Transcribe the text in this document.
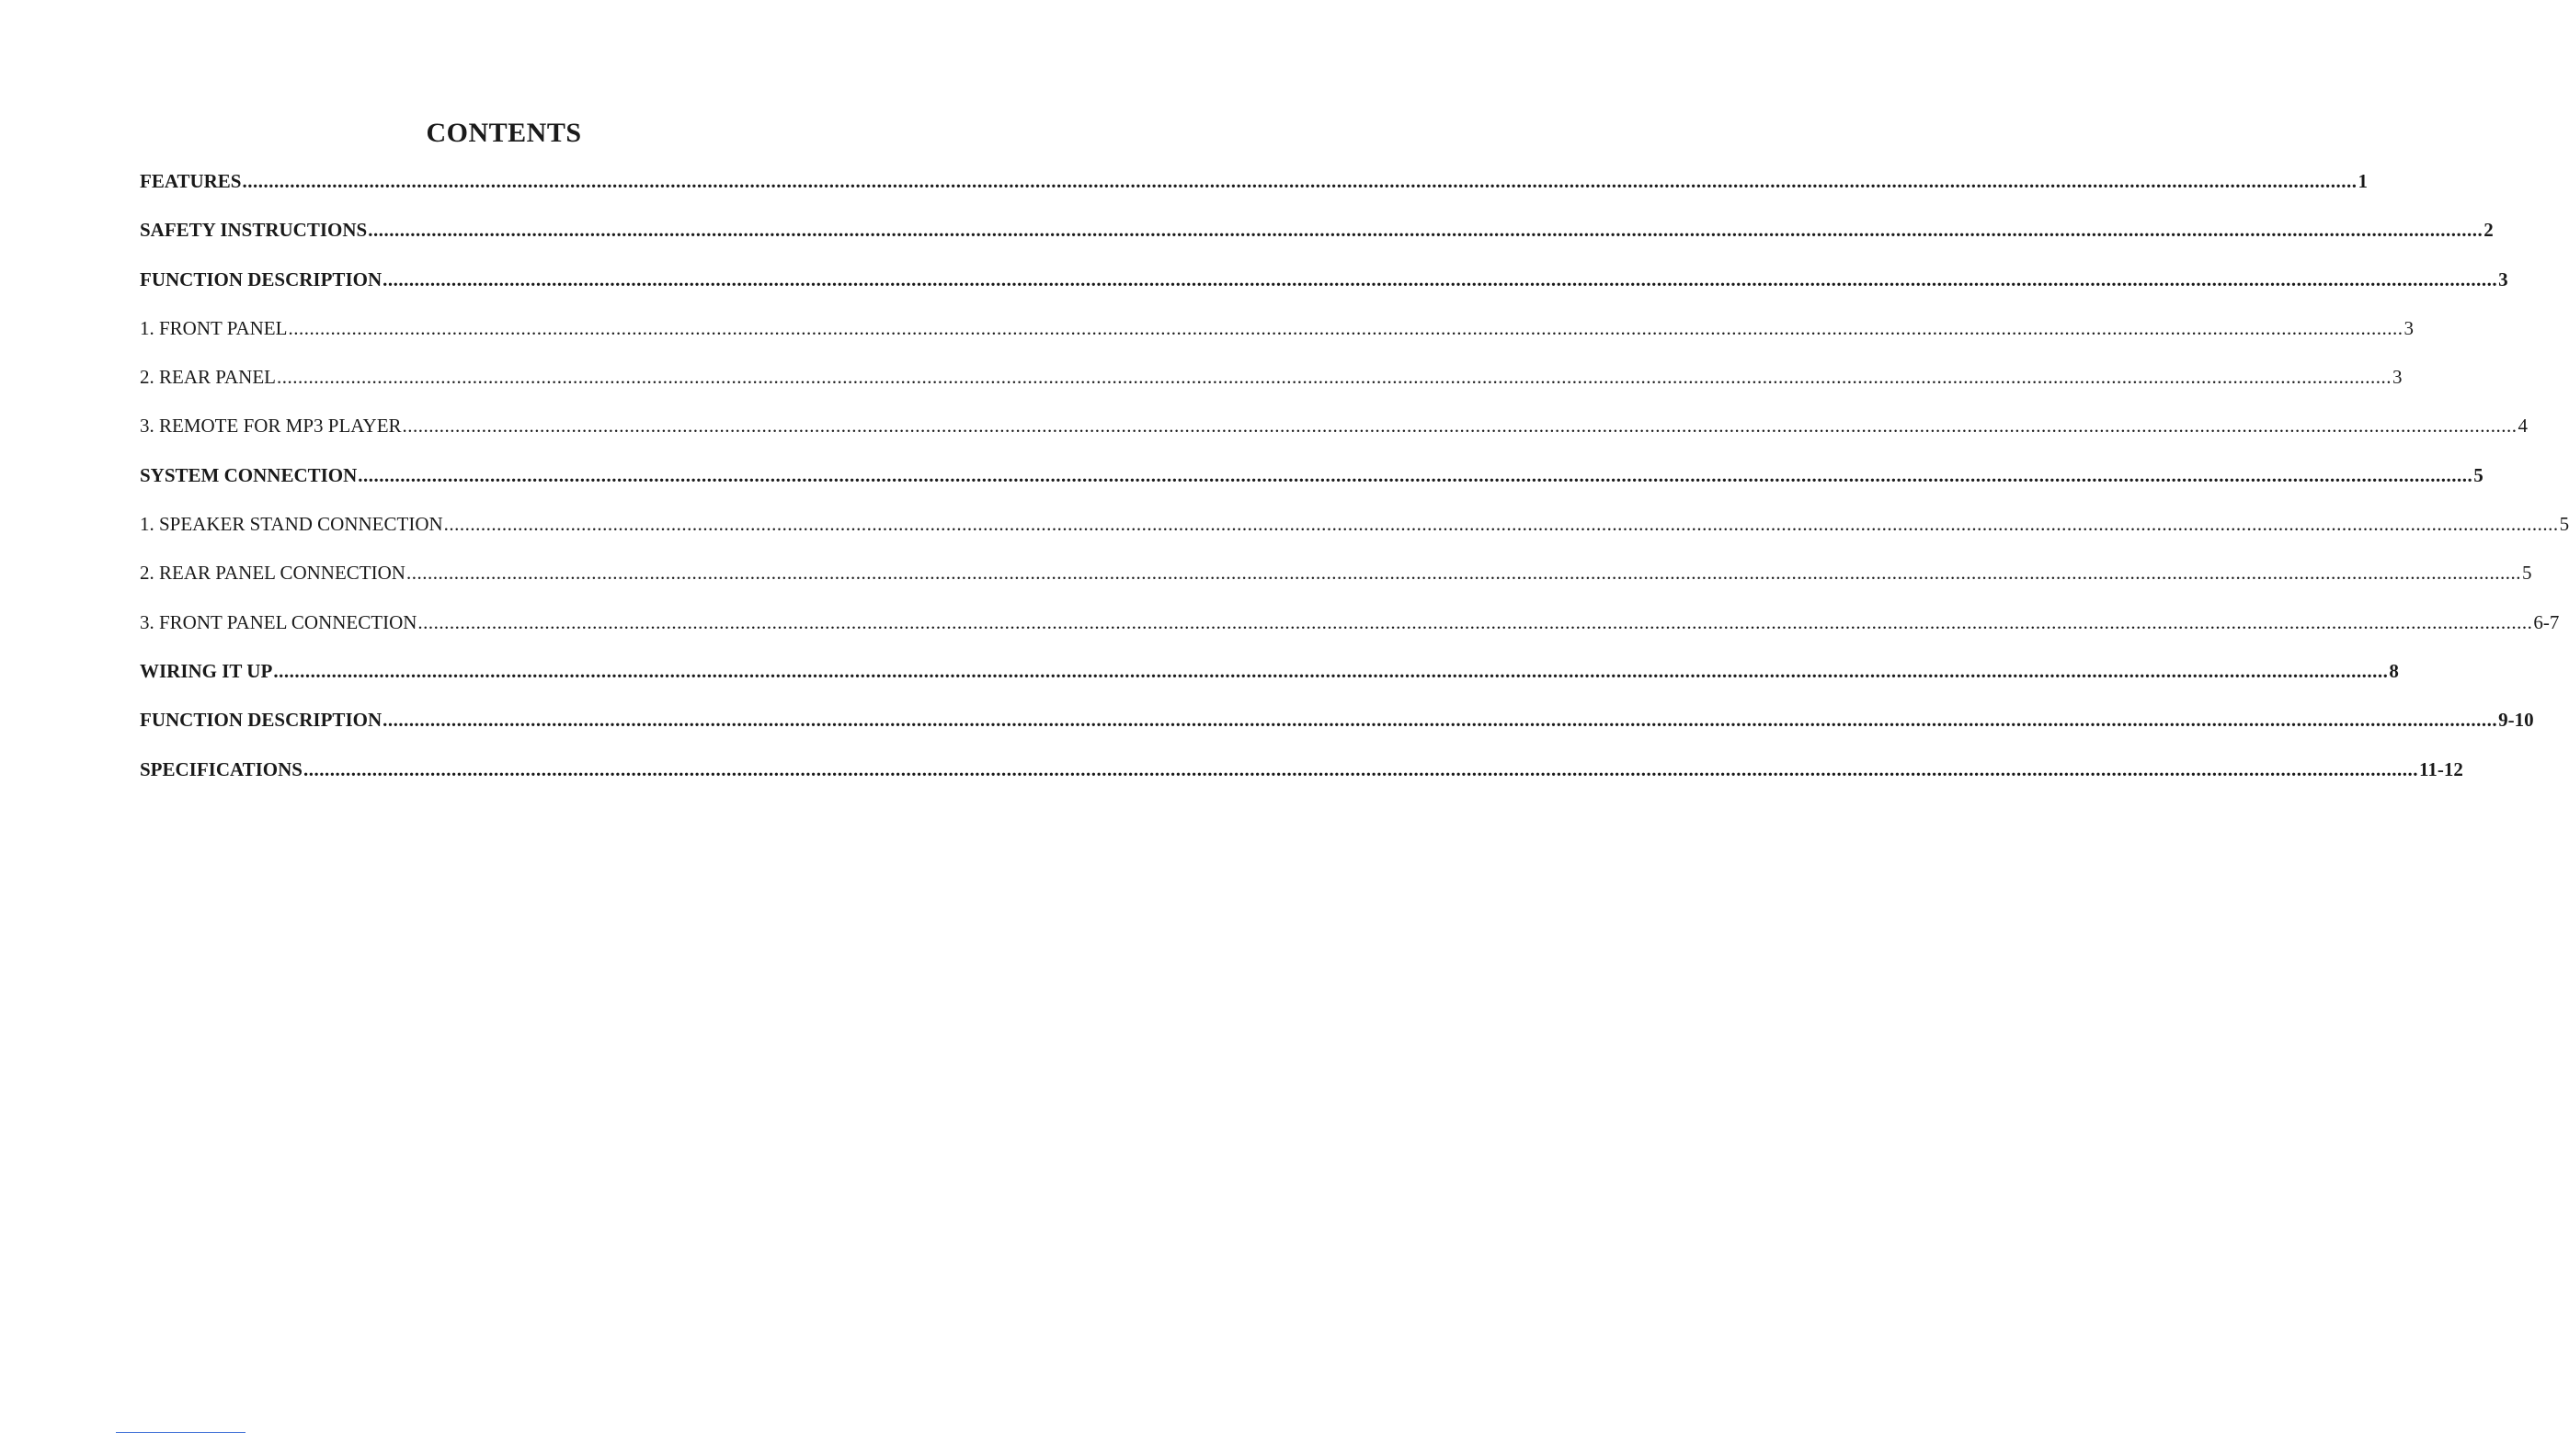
CONTENTS
FEATURES ................................................................................................................................................................................................................................................................................................................................................................................................................ 1
SAFETY INSTRUCTIONS ................................................................................................................................................................................................................................................................................................................................................................................................................ 2
FUNCTION DESCRIPTION ................................................................................................................................................................................................................................................................................................................................................................................................................ 3
1. FRONT PANEL ................................................................................................................................................................................................................................................................................................................................................................................................................ 3
2. REAR PANEL ................................................................................................................................................................................................................................................................................................................................................................................................................ 3
3. REMOTE FOR MP3 PLAYER ................................................................................................................................................................................................................................................................................................................................................................................................................ 4
SYSTEM CONNECTION ................................................................................................................................................................................................................................................................................................................................................................................................................ 5
1. SPEAKER STAND CONNECTION ................................................................................................................................................................................................................................................................................................................................................................................................................ 5
2. REAR PANEL CONNECTION ................................................................................................................................................................................................................................................................................................................................................................................................................ 5
3. FRONT PANEL CONNECTION ................................................................................................................................................................................................................................................................................................................................................................................................................ 6-7
WIRING IT UP ................................................................................................................................................................................................................................................................................................................................................................................................................ 8
FUNCTION DESCRIPTION ................................................................................................................................................................................................................................................................................................................................................................................................................ 9-10
SPECIFICATIONS ................................................................................................................................................................................................................................................................................................................................................................................................................ 11-12
